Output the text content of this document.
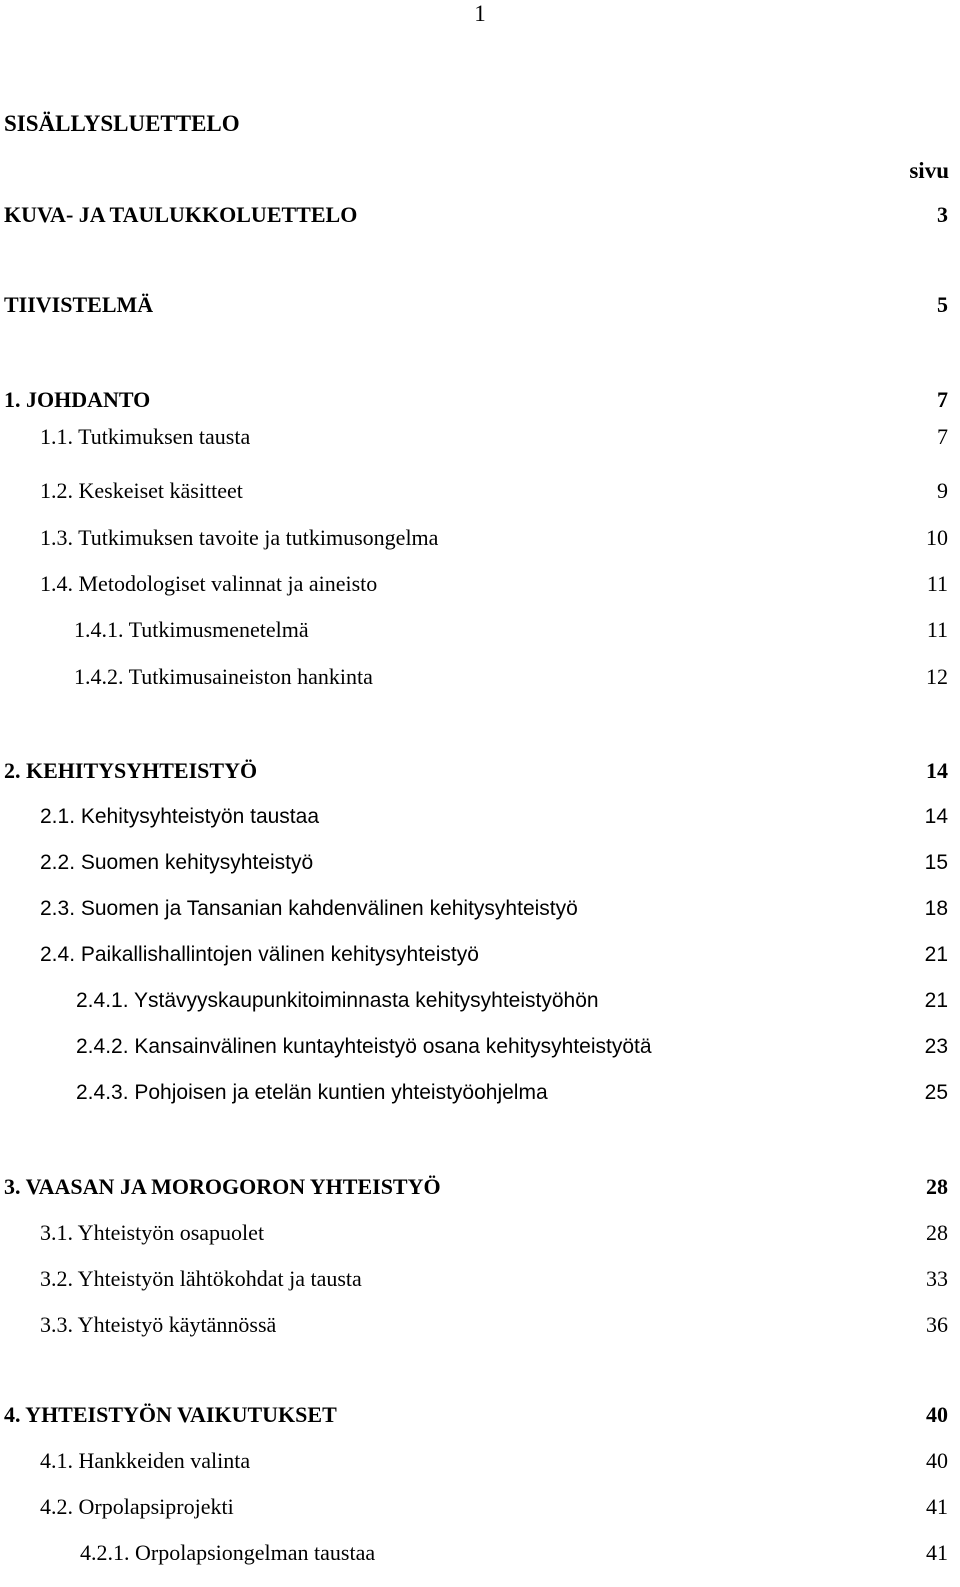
1
SISÄLLYSLUETTELO
sivu
KUVA- JA TAULUKKOLUETTELO	3
TIIVISTELMÄ	5
1. JOHDANTO	7
1.1. Tutkimuksen tausta	7
1.2. Keskeiset käsitteet	9
1.3. Tutkimuksen tavoite ja tutkimusongelma	10
1.4. Metodologiset valinnat ja aineisto	11
1.4.1. Tutkimusmenetelmä	11
1.4.2. Tutkimusaineiston hankinta	12
2. KEHITYSYHTEISTYÖ	14
2.1. Kehitysyhteistyön taustaa	14
2.2. Suomen kehitysyhteistyö	15
2.3. Suomen ja Tansanian kahdenvälinen kehitysyhteistyö	18
2.4. Paikallishallintojen välinen kehitysyhteistyö	21
2.4.1. Ystävyyskaupunkitoiminnasta kehitysyhteistyöhön	21
2.4.2. Kansainvälinen kuntayhteistyö osana kehitysyhteistyötä	23
2.4.3. Pohjoisen ja etelän kuntien yhteistyöohjelma	25
3. VAASAN JA MOROGORON YHTEISTYÖ	28
3.1. Yhteistyön osapuolet	28
3.2. Yhteistyön lähtökohdat ja tausta	33
3.3. Yhteistyö käytännössä	36
4. YHTEISTYÖN VAIKUTUKSET	40
4.1. Hankkeiden valinta	40
4.2. Orpolapsiprojekti	41
4.2.1. Orpolapsiongelman taustaa	41
